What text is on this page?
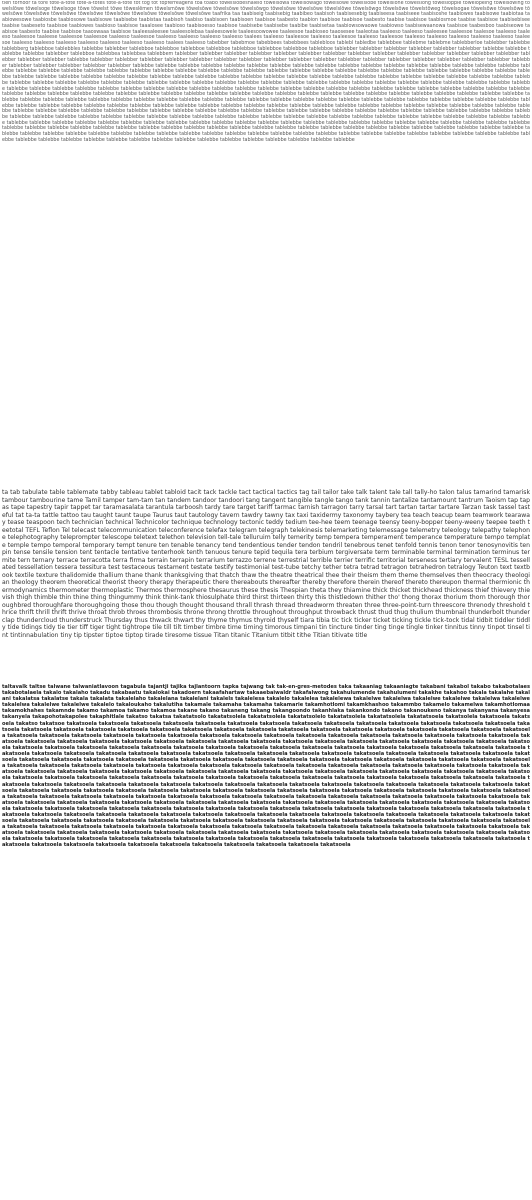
tiēn tōrnoor tā tōre tōte-ā-tōte tōte-ā-tōtes tōte-a-tōte tōt tōg tōt tōpferreagens tōa tōabo tōwelslōbesnaleio tōwelsōwa tōwelsōwago tōwelsōwe tōwelslōbe tōwelslōne tōwelslōng tōweslōpple tōwelopeing tōwelsōwing tōwelslōwe tōwelsoge tōwelsoge tōwe tōwelst tōwe tōweslēmen tōwelsmōwe tōwelsōwe tōwelsōwe tōwelsōwgo tōwelsōwe tōwelsōwe tōwelslōwe tōwelsōwgo tōwelsōwe tōwelstōweg tōwelsogae tōwelsōwe tōwelsōwe tōwelsōwe tōwelsōwe tōwelsōwe tōwelsōwe tōwelsōwe tōwelsōwe tōwelsōwe tōwelsōwe taafrika taa taabiseig taabisebig taabibeo taabisoh taabisesebig taabiseesa taabiseee taabisoshe taabiowes taabisowe taabiotaa taabiowesowe taabiosbe taabiosowe taabisowe taabisebe taabistaa taabisoh taabiso taabisoen taabisoen taabisoe taabesto taabion taabisoe taabisoe taabesto taabise taabisoe taabiosmoe taabise taabisoe taabisebisee taabise taabeseto taabisoe taabiowes taabioso taabisoe taaalosee taabioso taabisoesso taabisoe taabisebe taabisebe taabibe taabisetaa taabiowsowaowe taabiowso taabisewaanowa taabisoe taabesboo taabiseowe taabisoe taabesto taabise taabisoe taaoswaaa taabisoe taaleesaleesee taaleesolebaa taaleesowele taaleesoowowee taaleesoe taabioseo taaosesee taaleotaa taaleeso taaleeso taaleesee taaleesoe taalesoe taaleeso taaleeso taaleesoe taaleese taaleesoe taaleesoe taaleeso taaleesoe taaleeso taaleeso taaleeso taaleeso taalees taaleeso taaleesoe taaleeso taaleesoe taaleeso taaleesoe taaleeso taaleeso taaleeso taaleeso taaleeso taaleesoe taaleeso taaleeso taaleeso taaleeso taaleeso taaleeso taaleeso taalees taaleeso tabebber tabebmoe tabebbees tabebbees tablebloos tablebl tabledbe tablebbee tablebme tablebme tablebberloe tablebber tablebbe tablebberg tablebboe tablebbles tablebbe tablebber tablebboe tablebboe tablebboe tablebboe tablebboe tablebboe tablebboe tablebboe tablebber tablebber tablebber tablebber tablebber tablebber tablebbe tablebbe tablebbe tablebbe tablebber tablebboe tablebbea tablebbea tablebbem tablebber tablebber tablebber tablebber tablebber tablebber tablebber tablebber tablebber tablebber tablebber tablebber tablebber tablebber tablebber tablebber tablebber tablebbe tablebber tablebber tablebber tablebber tablebber tablebber tablebber tablebber tablebber tablebber tablebber tablebber tablebber tablebber tablebber tablebber tablebber tablebber tablebber tablebber tablebber tablebber tablebber tablebbe tablebbe tablebbe tablebbe tablebbe tablebbe tablebbe tablebbe tablebbe tablebbe tablebbe tablebbe tablebbe tablebbe tablebbe tablebbe tablebbe tablebbe tablebbe tablebbe tablebbe tablebbe tablebbe tablebbe tablebbe tablebbe tablebbe tablebbe tablebbe tablebbe tablebbe tablebbe tablebbe tablebbe tablebbe tablebbe tablebbe tablebbe tablebbe tablebbe tablebbe tablebbe tablebbe tablebbe tablebbe tablebbe tablebbe tablebbe tablebbe tablebbe tablebbe tablebbe tablebbe tablebbe tablebbe tablebbe tablebbe tablebbe tablebbe tablebbe tablebbe tablebbe tablebbe tablebbe tablebbe tablebbe tablebbe tablebbe tablebbe tablebbe tablebbe tablebbe tablebbe tablebbe tablebbe tablebbe tablebbe tablebbe tablebbe tablebbe tablebbe tablebbe tablebbe tablebbe tablebbe tablebbe tablebbe tablebbe tablebbe tablebbe tablebbe tablebbe tablebbe tablebbe tablebbe tablebbe tablebbe tablebbe tablebbe tablebbe tablebbe tablebbe tablebbe tablebbe tablebbe tablebbe tablebbe tablebbe tablebbe tablebbe tablebbe tablebbe tablebbe tablebbe tablebbe tablebbe tablebbe tablebbe tablebbe tablebbe tablebbe tablebbe tablebbe tablebbe tablebbe tablebbe tablebbe tablebbe tablebbe tablebbe tablebbe tablebbe tablebbe tablebbe tablebbe tablebbe tablebbe tablebbe tablebbe tablebbe tablebbe tablebbe tablebbe tablebbe tablebbe tablebbe tablebbe tablebbe tablebbe tablebbe tablebbe tablebbe tablebbe tablebbe tablebbe tablebbe tablebbe tablebbe tablebbe tablebbe tablebbe tablebbe tablebbe tablebbe tablebbe tablebbe tablebbe tablebbe tablebbe tablebbe tablebbe tablebbe tablebbe tablebbe tablebbe tablebbe tablebbe tablebbe tablebbe tablebbe tablebbe tablebbe tablebbe tablebbe tablebbe tablebbe tablebbe tablebbe tablebbe tablebbe tablebbe tablebbe tablebbe tablebbe tablebbe tablebbe tablebbe tablebbe tablebbe tablebbe tablebbe tablebbe tablebbe tablebbe tablebbe tablebbe tablebbe tablebbe tablebbe tablebbe tablebbe tablebbe tablebbe tablebbe tablebbe tablebbe tablebbe tablebbe tablebbe tablebbe tablebbe tablebbe tablebbe tablebbe tablebbe tablebbe tablebbe tablebbe tablebbe tablebbe tablebbe tablebbe tablebbe tablebbe tablebbe tablebbe tablebbe tablebbe tablebbe tablebbe tablebbe tablebbe tablebbe tablebbe tablebbe tablebbe tablebbe tablebbe tablebbe tablebbe tablebbe tablebbe tablebbe tablebbe tablebbe tablebbe tablebbe tablebbe tablebbe tablebbe tablebbe tablebbe tablebbe tablebbe tablebbe tablebbe tablebbe tablebbe tablebbe tablebbe tablebbe tablebbe tablebbe tablebbe tablebbe tablebbe tablebbe tablebbe tablebbe tablebbe tablebbe tablebbe tablebbe tablebbe tablebbe tablebbe tablebbe tablebbe tablebbe tablebbe tablebbe tablebbe tablebbe tablebbe tablebbe tablebbe tablebbe tablebbe tablebbe tablebbe tablebbe tablebbe tablebbe tablebbe tablebbe tablebbe tablebbe tablebbe tablebbe tablebbe tablebbe

ta tab tabulate table tablemate tabby tableau tablet tabloid tacit tack tackle tact tactical tactics tag tail tailor take talk talent tale tall tally-ho talon talus tamarind tamarisk tambour tambourine tame Tamil tamper tam-tam tan tandem tandoor tandoori tang tangent tangible tangle tango tank tannin tantalize tantamount tantrum Taoism tap tapas tape tapestry tapir tappet tar taramasalata tarantula tarboosh tardy tare target tariff tarmac tarnish tarragon tarry tarsal tart tartan tartar tartare Tarzan task tassel tasteful tat ta-ta tattle tattoo tau taught taunt taupe Taurus taut tautology tavern tawdry tawny tax taxi taxidermy taxonomy taybery tea teach teacup team teamwork tearaway tease teaspoon tech technician technical Technicolor technique technology tectonic teddy tedium tee-hee teem teenage teensy teeny-bopper teeny-weeny teepee teeth teetotal TEFL Teflon Tel telecast telecommunication teleconference telefax telegram telegraph telekinesis telemarketing telemessage telemetry teleology telepathy telephone telephotography teleprompter telescope teletext telethon television tell-tale telluruim telly temerity temp tempera temperament temperance temperature tempo template temple tempo temporal temporary tempt tenure ten tenable tenancy tend tendentious tender tendon tendril tenebrous tenet tenfold tennis tenon tenor tenosynovitis tenpin tense tensile tension tent tentacle tentative tenterhook tenth tenuous tenure tepid tequila tera terbium tergiversate term terminable terminal termination terminus termite tern ternary terrace terracotta terra firma terrain terrapin terrarium terrazzo terrene terrestrial terrible terrier terrific territorial terseness tertiary tervalent TESL tessellated tessellation tessera tessitura test testaceous testament testate testify testimonial test-tube tetchy tether tetra tetrad tetragon tetrahedron tetralogy Teuton text textbook textile texture thalidomide thallium thane thank thanksgiving that thatch thaw the theatre theatrical thee their theism them theme themselves then theocracy theologian theology theorem theoretical theorist theory therapy therapeutic there thereabouts thereafter thereby therefore therein thereof thereto thereupon thermal thermionic thermodynamics thermometer thermoplastic Thermos thermosphere thesaurus these thesis Thespian theta they thiamine thick thicket thickhead thickness thief thievery thievish thigh thimble thin thine thing thingummy think think-tank thiosulphate third thirst thirteen thirty this thistledown thither tho' thong thorax thorium thorn thorough thoroughbred thoroughfare thoroughgoing those thou though thought thousand thrall thrash thread threadworm threaten three three-point-turn threescore threnody threshold thrice thrift thrill thrift thrive throat throb throes thrombosis throne throng throttle throughout throughput throwback thrust thud thug thulium thumbnail thunderbolt thunderclap thundercloud thunderstruck Thursday thus thwack thwart thy thyme thymus thyroid thyself tiara tibia tic tick ticker ticket ticking tickle tick-tock tidal tidbit tiddler tiddly tide tidings tidy tie tier tiff tiger tight tightrope tile till tilt timber timbre time timing timorous timpani tin tincture tinder ting tinge tingle tinker tinnitus tinny tinpot tinsel tint tintinnabulation tiny tip tipster tiptoe tiptop tirade tiresome tissue Titan titanic Titanium titbit tithe Titian titivate title

taltavalk taltse talwane talwaniatlavoon tagabula tajantji tajika tajlantoorn tapka tajwang tak tak-en-gres-metodes taka takaaniag takaaniagte takabani takabol takabo takabotalaes takabotalaela takalo takalaho takadu takabaatu takalokai takadoern takaafahartaw takaaebaiwaldr takafalwong takahulumende takahulumeni takakhe takahoo takala takalahe takalani takalatsa takalatse takala takalata takalelaho takalelana takalelani takalels takalelesa takalelo takalelea takalelewa takalelwe takalelwa takalelwe takalelwe takalelwa takalelwe takalelwa takalelwe takalelwe takalelo takaloukaho takalutiha takamale takamaha takamaha takamarie takamhotlomi takamkhashoo takammbo takamelo takamelwa takamhotlomaa takamokhahes takamnde takamo takamoa takamo takamoa takane takano takaneng takang takangoondo takanhlaka takankondo takano takanoukeno takanya takanyana takanyesa takanyela takapohotakapolee takaphitlale takatso takatsa takatatsolo takatatsolela takatatsolela takatatsolelo takatatsolela takatatsolela takatatsoela takatsolela takatsoela takatsoela takatso takatsoe takatsoela takatsoela takatsoela takatsoela takatsoela takatsoela takatsoela takatsoela takatsoela takatsoela takatsoela takatsoela takatsoela takatsoela takatsoela takatsoela takatsoela takatsoela takatsoela takatsoela takatsoela takatsoela takatsoela takatsoela takatsoela takatsoela takatsoela takatsoela takatsoela takatsoela takatsoela takatsoela takatsoela takatsoela takatsoela takatsoela takatsoela takatsoela takatsoela takatsoela takatsoela takatsoela takatsoela takatsoela takatsoela takatsoela takatsoela takatsoela takatsoela takatsoela takatsoela takatsoela takatsoela takatsoela takatsoela takatsoela takatsoela takatsoela takatsoela takatsoela takatsoela takatsoela takatsoela takatsoela takatsoela takatsoela takatsoela takatsoela takatsoela takatsoela takatsoela takatsoela takatsoela takatsoela takatsoela takatsoela takatsoela takatsoela takatsoela takatsoela takatsoela takatsoela takatsoela takatsoela takatsoela takatsoela takatsoela takatsoela takatsoela takatsoela takatsoela takatsoela takatsoela takatsoela takatsoela takatsoela takatsoela takatsoela takatsoela takatsoela takatsoela takatsoela takatsoela takatsoela takatsoela takatsoela takatsoela takatsoela takatsoela takatsoela takatsoela takatsoela takatsoela takatsoela takatsoela takatsoela takatsoela takatsoela takatsoela takatsoela takatsoela takatsoela takatsoela takatsoela takatsoela takatsoela takatsoela takatsoela takatsoela takatsoela takatsoela takatsoela takatsoela takatsoela takatsoela takatsoela takatsoela takatsoela takatsoela takatsoela takatsoela takatsoela takatsoela takatsoela takatsoela takatsoela takatsoela takatsoela takatsoela takatsoela takatsoela takatsoela takatsoela takatsoela takatsoela takatsoela takatsoela takatsoela takatsoela takatsoela takatsoela takatsoela takatsoela takatsoela takatsoela takatsoela takatsoela takatsoela takatsoela takatsoela takatsoela takatsoela takatsoela takatsoela takatsoela takatsoela takatsoela takatsoela takatsoela takatsoela takatsoela takatsoela takatsoela takatsoela takatsoela takatsoela takatsoela takatsoela takatsoela takatsoela takatsoela takatsoela takatsoela takatsoela takatsoela takatsoela takatsoela takatsoela takatsoela takatsoela takatsoela takatsoela takatsoela takatsoela takatsoela takatsoela takatsoela takatsoela takatsoela takatsoela takatsoela takatsoela takatsoela takatsoela takatsoela takatsoela takatsoela takatsoela takatsoela takatsoela takatsoela takatsoela takatsoela takatsoela takatsoela takatsoela takatsoela takatsoela takatsoela takatsoela takatsoela takatsoela takatsoela takatsoela takatsoela takatsoela takatsoela takatsoela takatsoela takatsoela takatsoela takatsoela takatsoela takatsoela takatsoela takatsoela takatsoela takatsoela takatsoela takatsoela takatsoela takatsoela takatsoela takatsoela takatsoela takatsoela takatsoela takatsoela takatsoela takatsoela takatsoela takatsoela takatsoela takatsoela takatsoela takatsoela takatsoela takatsoela takatsoela takatsoela takatsoela takatsoela takatsoela takatsoela takatsoela takatsoela takatsoela takatsoela takatsoela takatsoela takatsoela takatsoela takatsoela takatsoela takatsoela takatsoela takatsoela takatsoela takatsoela takatsoela takatsoela takatsoela takatsoela takatsoela takatsoela takatsoela takatsoela takatsoela takatsoela takatsoela takatsoela takatsoela takatsoela takatsoela takatsoela takatsoela takatsoela takatsoela takatsoela takatsoela takatsoela takatsoela takatsoela takatsoela takatsoela takatsoela takatsoela takatsoela takatsoela takatsoela takatsoela takatsoela takatsoela takatsoela takatsoela takatsoela takatsoela takatsoela takatsoela takatsoela takatsoela takatsoela takatsoela takatsoela takatsoela takatsoela takatsoela
